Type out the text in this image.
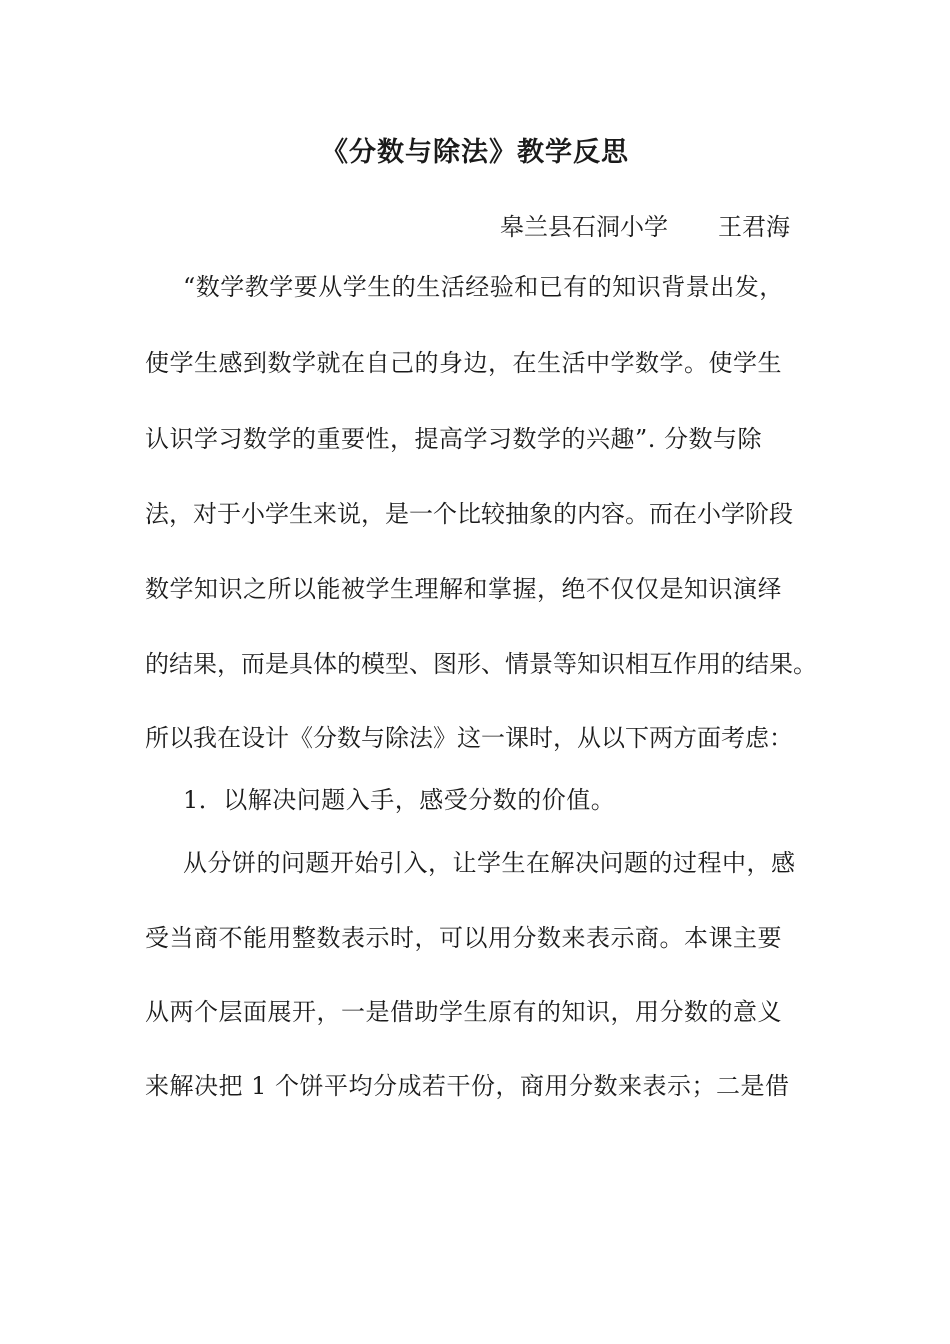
《分数与除法》教学反思
皋兰县石洞小学 王君海
“数学教学要从学生的生活经验和已有的知识背景出发，
使学生感到数学就在自己的身边，在生活中学数学。使学生
认识学习数学的重要性，提高学习数学的兴趣”. 分数与除
法，对于小学生来说，是一个比较抽象的内容。而在小学阶段
数学知识之所以能被学生理解和掌握，绝不仅仅是知识演绎
的结果，而是具体的模型、图形、情景等知识相互作用的结果。
所以我在设计《分数与除法》这一课时，从以下两方面考虑：
1．以解决问题入手，感受分数的价值。
从分饼的问题开始引入，让学生在解决问题的过程中，感
受当商不能用整数表示时，可以用分数来表示商。本课主要
从两个层面展开，一是借助学生原有的知识，用分数的意义
来解决把 1 个饼平均分成若干份，商用分数来表示；二是借
